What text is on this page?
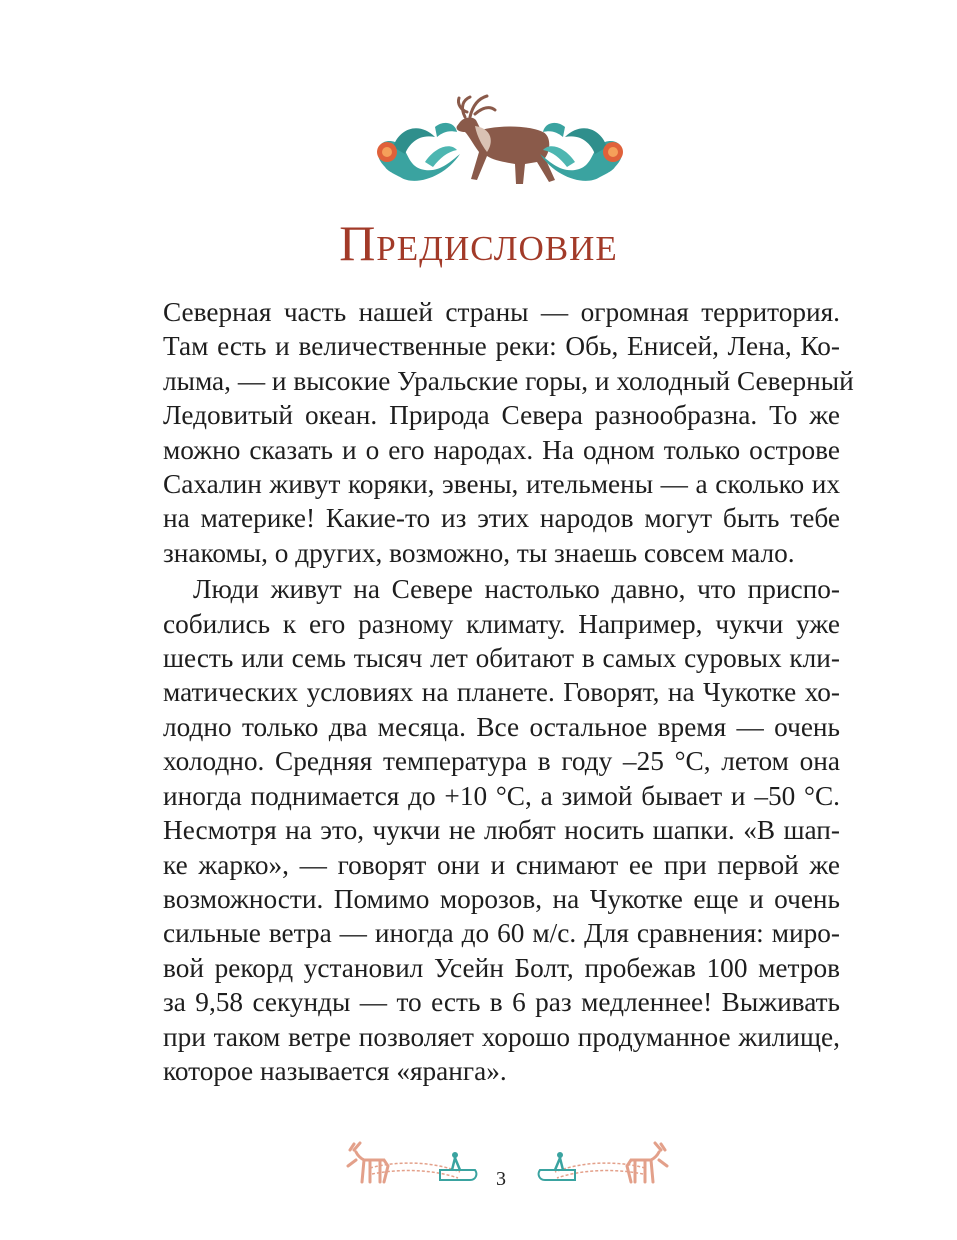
Предисловие
Северная часть нашей страны — огромная территория.
Там есть и величественные реки: Обь, Енисей, Лена, Ко-
лыма, — и высокие Уральские горы, и холодный Северный
Ледовитый океан. Природа Севера разнообразна. То же
можно сказать и о его народах. На одном только острове
Сахалин живут коряки, эвены, ительмены — а сколько их
на материке! Какие-то из этих народов могут быть тебе
знакомы, о других, возможно, ты знаешь совсем мало.
Люди живут на Севере настолько давно, что приспо-
собились к его разному климату. Например, чукчи уже
шесть или семь тысяч лет обитают в самых суровых кли-
матических условиях на планете. Говорят, на Чукотке хо-
лодно только два месяца. Все остальное время — очень
холодно. Средняя температура в году –25 °С, летом она
иногда поднимается до +10 °С, а зимой бывает и –50 °С.
Несмотря на это, чукчи не любят носить шапки. «В шап-
ке жарко», — говорят они и снимают ее при первой же
возможности. Помимо морозов, на Чукотке еще и очень
сильные ветра — иногда до 60 м/с. Для сравнения: миро-
вой рекорд установил Усейн Болт, пробежав 100 метров
за 9,58 секунды — то есть в 6 раз медленнее! Выживать
при таком ветре позволяет хорошо продуманное жилище,
которое называется «яранга».
3
